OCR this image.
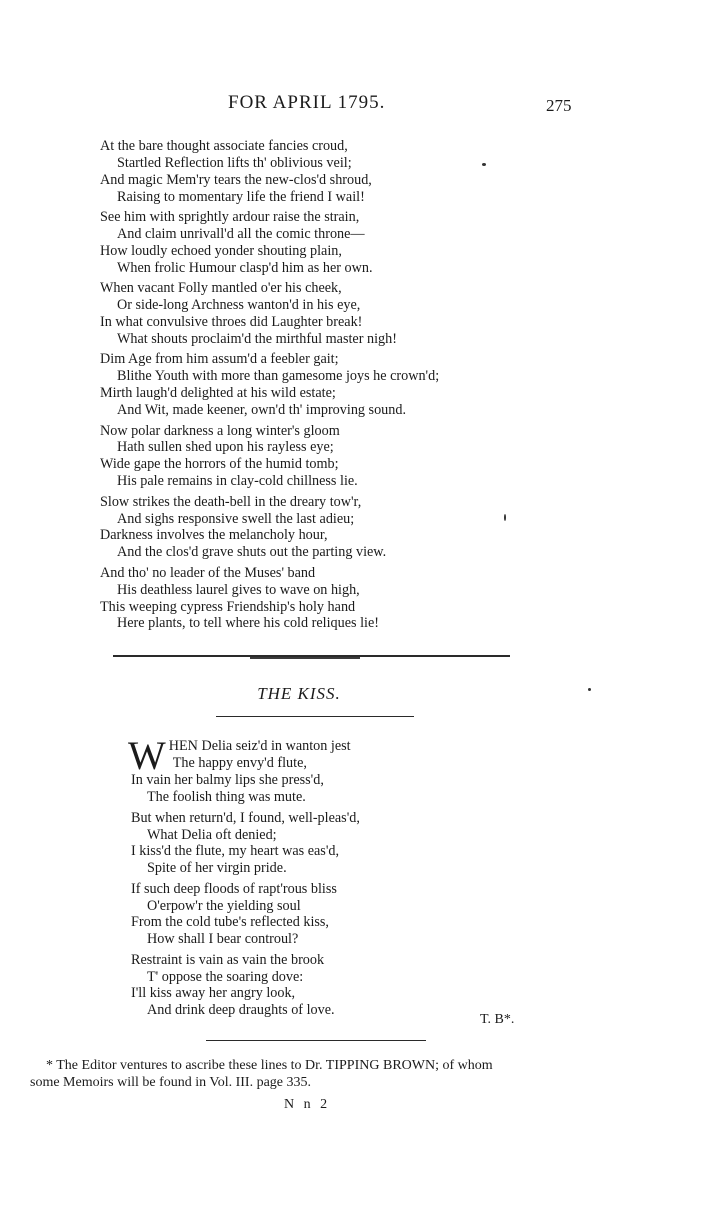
FOR APRIL 1795.	275
At the bare thought associate fancies croud,
Startled Reflection lifts th' oblivious veil;
And magic Mem'ry tears the new-clos'd shroud,
Raising to momentary life the friend I wail!
See him with sprightly ardour raise the strain,
And claim unrivall'd all the comic throne—
How loudly echoed yonder shouting plain,
When frolic Humour clasp'd him as her own.
When vacant Folly mantled o'er his cheek,
Or side-long Archness wanton'd in his eye,
In what convulsive throes did Laughter break!
What shouts proclaim'd the mirthful master nigh!
Dim Age from him assum'd a feebler gait;
Blithe Youth with more than gamesome joys he crown'd;
Mirth laugh'd delighted at his wild estate;
And Wit, made keener, own'd th' improving sound.
Now polar darkness a long winter's gloom
Hath sullen shed upon his rayless eye;
Wide gape the horrors of the humid tomb;
His pale remains in clay-cold chillness lie.
Slow strikes the death-bell in the dreary tow'r,
And sighs responsive swell the last adieu;
Darkness involves the melancholy hour,
And the clos'd grave shuts out the parting view.
And tho' no leader of the Muses' band
His deathless laurel gives to wave on high,
This weeping cypress Friendship's holy hand
Here plants, to tell where his cold reliques lie!
THE KISS.
W HEN Delia seiz'd in wanton jest
The happy envy'd flute,
In vain her balmy lips she press'd,
The foolish thing was mute.
But when return'd, I found, well-pleas'd,
What Delia oft denied;
I kiss'd the flute, my heart was eas'd,
Spite of her virgin pride.
If such deep floods of rapt'rous bliss
O'erpow'r the yielding soul
From the cold tube's reflected kiss,
How shall I bear controul?
Restraint is vain as vain the brook
T' oppose the soaring dove:
I'll kiss away her angry look,
And drink deep draughts of love.
T. B*.
* The Editor ventures to ascribe these lines to Dr. TIPPING BROWN; of whom
some Memoirs will be found in Vol. III. page 335.
N n 2
